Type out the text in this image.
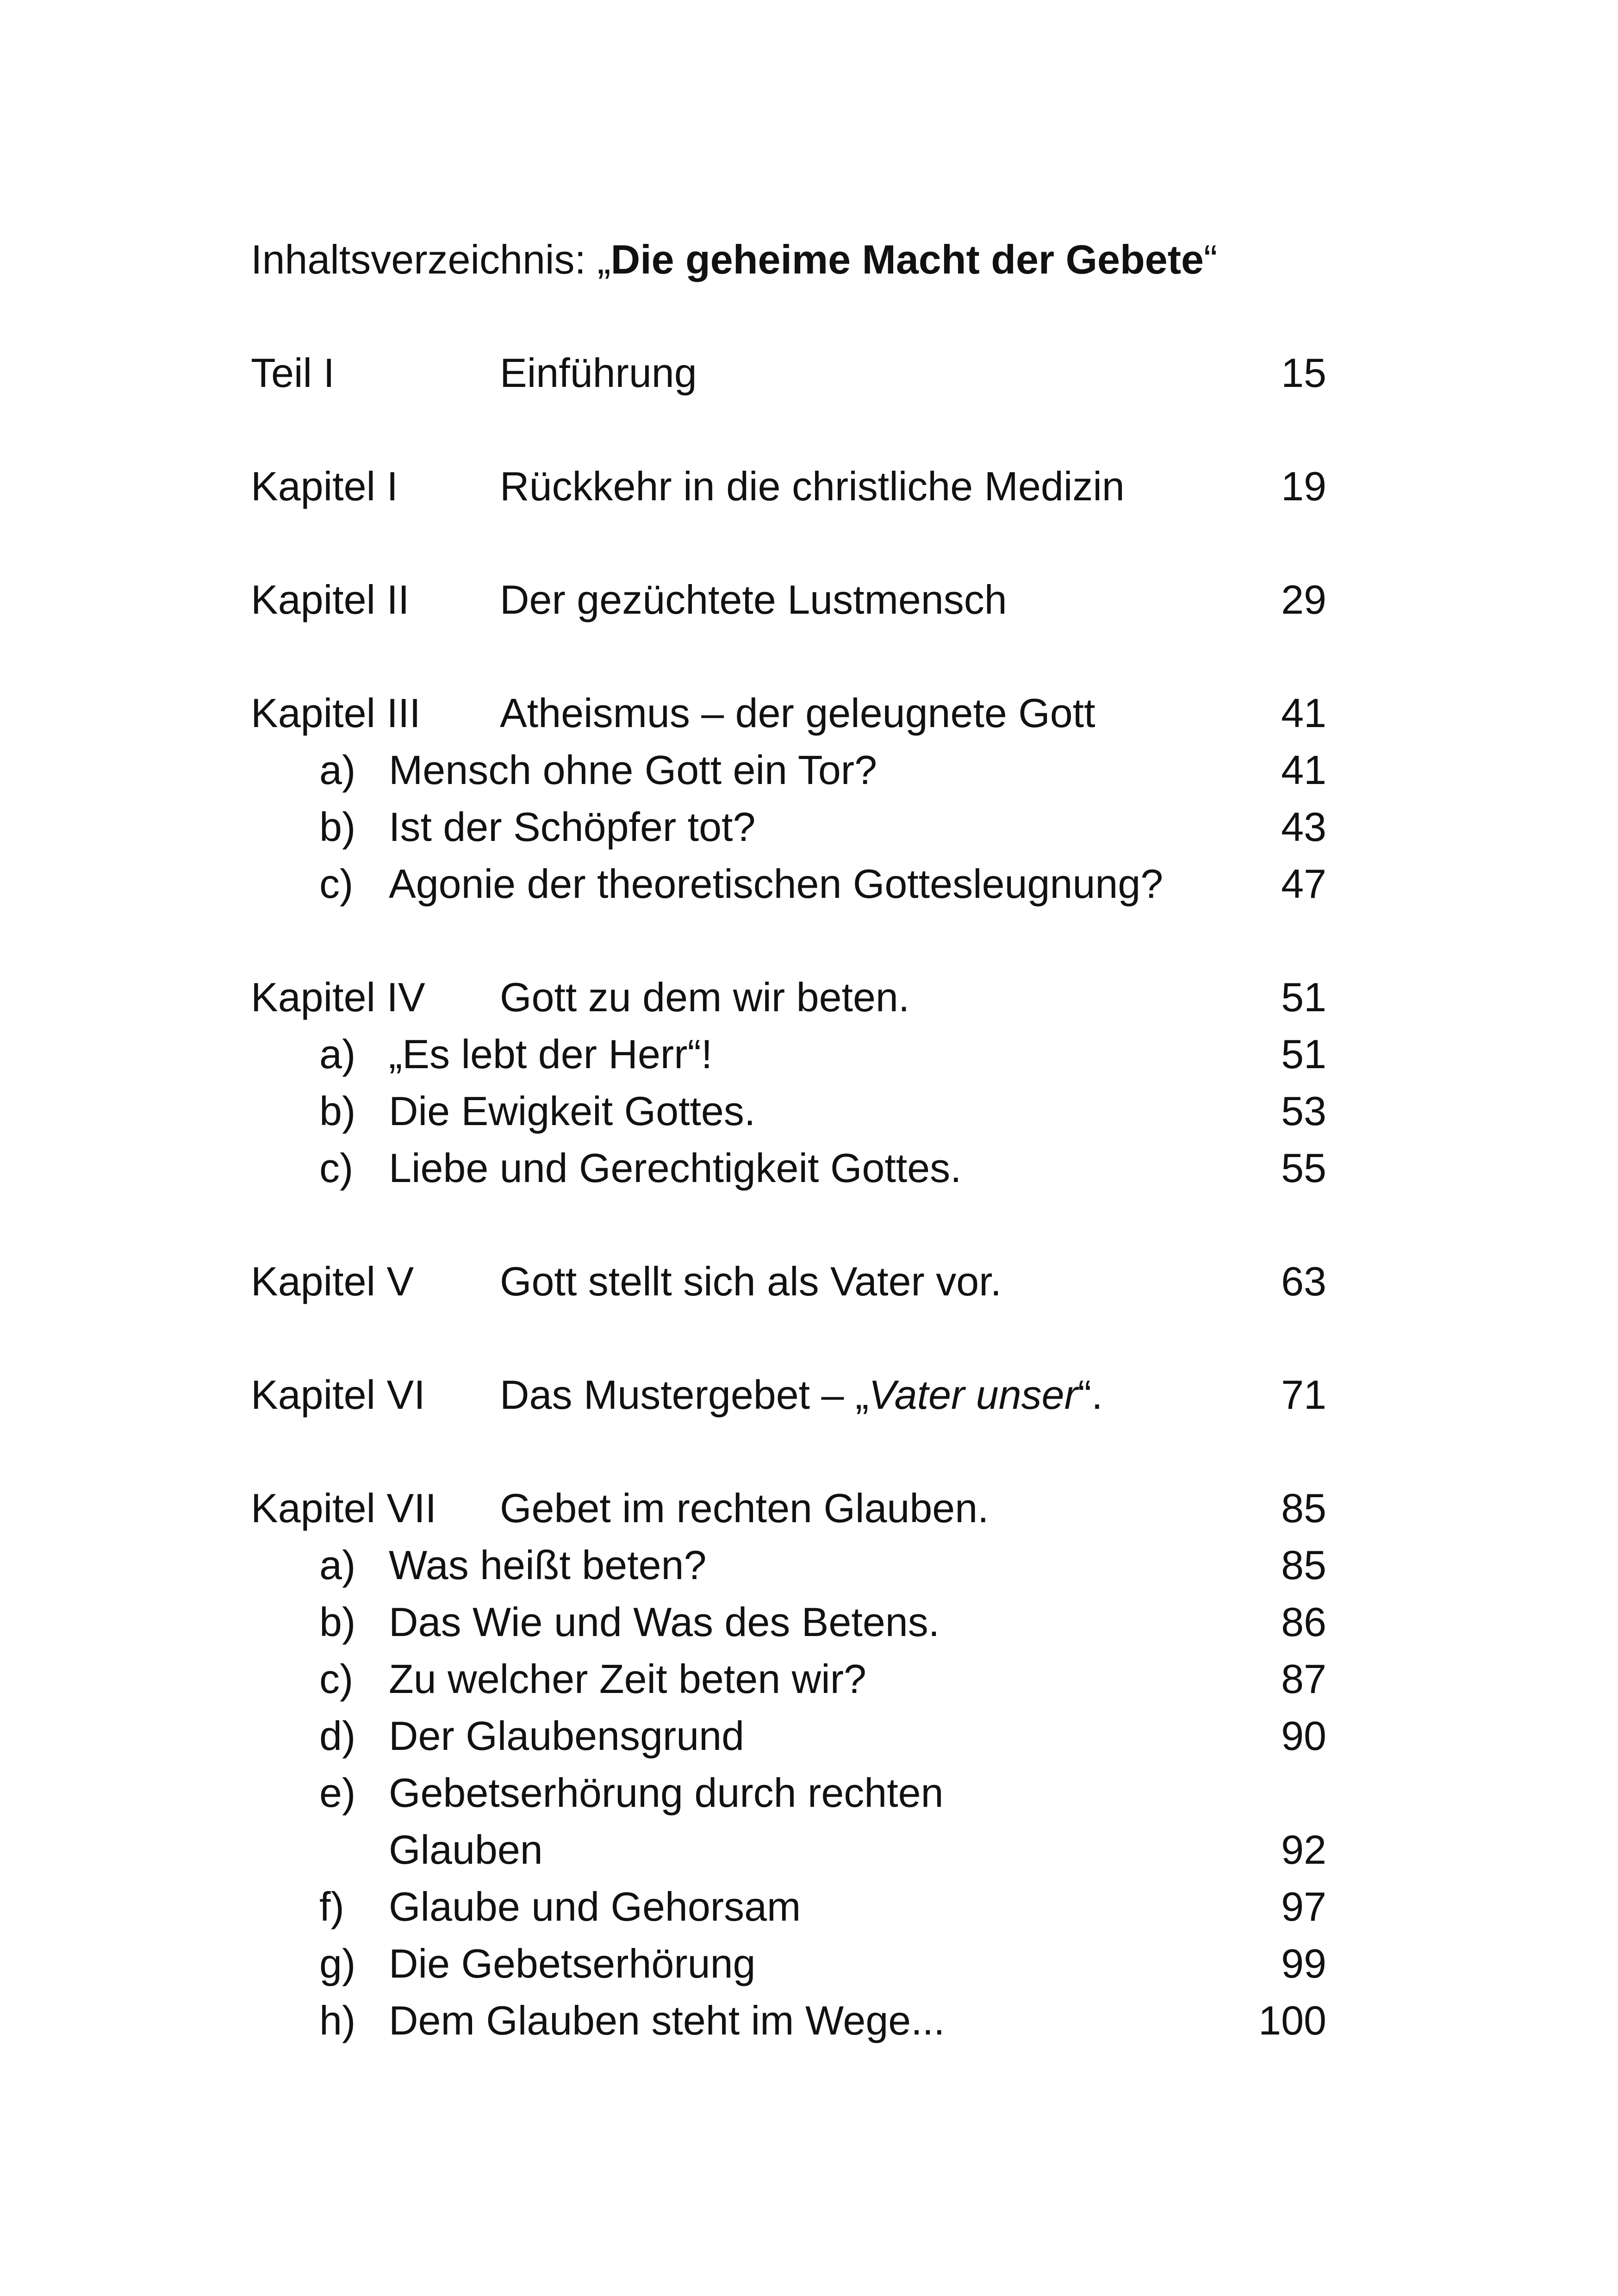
Inhaltsverzeichnis: „Die geheime Macht der Gebete“
Teil I	Einführung	15
Kapitel I	Rückkehr in die christliche Medizin	19
Kapitel II Der gezüchtete Lustmensch	29
Kapitel III Atheismus – der geleugnete Gott	41
a) Mensch ohne Gott ein Tor?	41
b) Ist der Schöpfer tot?	43
c) Agonie der theoretischen Gottesleugnung?	47
Kapitel IV Gott zu dem wir beten.	51
a) „Es lebt der Herr“!	51
b) Die Ewigkeit Gottes.	53
c) Liebe und Gerechtigkeit Gottes.	55
Kapitel V Gott stellt sich als Vater vor.	63
Kapitel VI Das Mustergebet – „Vater unser“.	71
Kapitel VII Gebet im rechten Glauben.	85
a) Was heißt beten?	85
b) Das Wie und Was des Betens.	86
c) Zu welcher Zeit beten wir?	87
d) Der Glaubensgrund	90
e) Gebetserhörung durch rechten
Glauben	92
f) Glaube und Gehorsam	97
g) Die Gebetserhörung	99
h) Dem Glauben steht im Wege...	100
